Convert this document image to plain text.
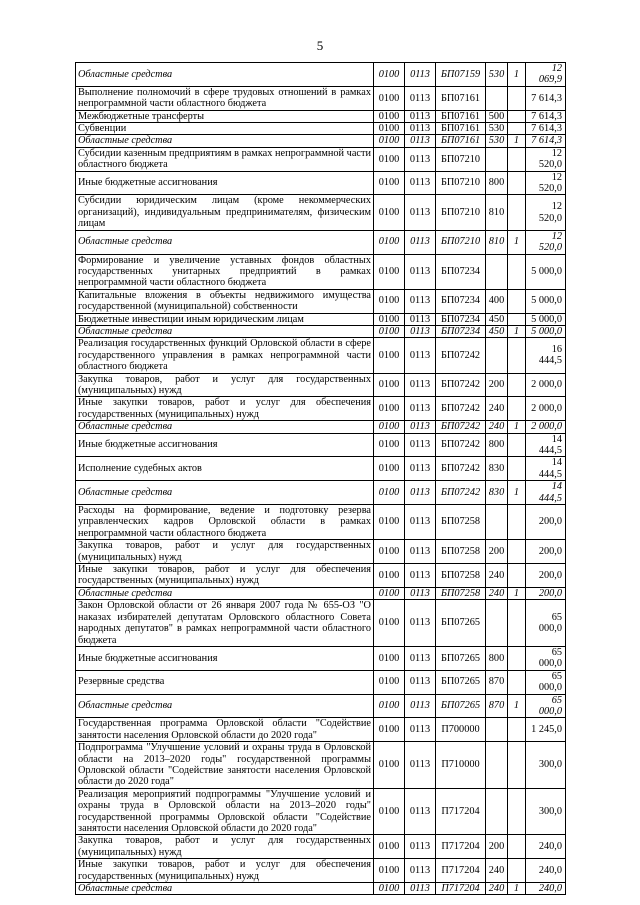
5
Областные средства	0100	0113	БП07159	530	1	12 069,9
Выполнение полномочий в сфере трудовых отношений в рамках непрограммной части областного бюджета	0100	0113	БП07161			7 614,3
Межбюджетные трансферты	0100	0113	БП07161	500		7 614,3
Субвенции	0100	0113	БП07161	530		7 614,3
Областные средства	0100	0113	БП07161	530	1	7 614,3
Субсидии казенным предприятиям в рамках непрограммной части областного бюджета	0100	0113	БП07210			12 520,0
Иные бюджетные ассигнования	0100	0113	БП07210	800		12 520,0
Субсидии юридическим лицам (кроме некоммерческих организаций), индивидуальным предпринимателям, физическим лицам	0100	0113	БП07210	810		12 520,0
Областные средства	0100	0113	БП07210	810	1	12 520,0
Формирование и увеличение уставных фондов областных государственных унитарных предприятий в рамках непрограммной части областного бюджета	0100	0113	БП07234			5 000,0
Капитальные вложения в объекты недвижимого имущества государственной (муниципальной) собственности	0100	0113	БП07234	400		5 000,0
Бюджетные инвестиции иным юридическим лицам	0100	0113	БП07234	450		5 000,0
Областные средства	0100	0113	БП07234	450	1	5 000,0
Реализация государственных функций Орловской области в сфере государственного управления в рамках непрограммной части областного бюджета	0100	0113	БП07242			16 444,5
Закупка товаров, работ и услуг для государственных (муниципальных) нужд	0100	0113	БП07242	200		2 000,0
Иные закупки товаров, работ и услуг для обеспечения государственных (муниципальных) нужд	0100	0113	БП07242	240		2 000,0
Областные средства	0100	0113	БП07242	240	1	2 000,0
Иные бюджетные ассигнования	0100	0113	БП07242	800		14 444,5
Исполнение судебных актов	0100	0113	БП07242	830		14 444,5
Областные средства	0100	0113	БП07242	830	1	14 444,5
Расходы на формирование, ведение и подготовку резерва управленческих кадров Орловской области в рамках непрограммной части областного бюджета	0100	0113	БП07258			200,0
Закупка товаров, работ и услуг для государственных (муниципальных) нужд	0100	0113	БП07258	200		200,0
Иные закупки товаров, работ и услуг для обеспечения государственных (муниципальных) нужд	0100	0113	БП07258	240		200,0
Областные средства	0100	0113	БП07258	240	1	200,0
Закон Орловской области от 26 января 2007 года № 655-ОЗ "О наказах избирателей депутатам Орловского областного Совета народных депутатов" в рамках непрограммной части областного бюджета	0100	0113	БП07265			65 000,0
Иные бюджетные ассигнования	0100	0113	БП07265	800		65 000,0
Резервные средства	0100	0113	БП07265	870		65 000,0
Областные средства	0100	0113	БП07265	870	1	65 000,0
Государственная программа Орловской области "Содействие занятости населения Орловской области до 2020 года"	0100	0113	П700000			1 245,0
Подпрограмма "Улучшение условий и охраны труда в Орловской области на 2013–2020 годы" государственной программы Орловской области "Содействие занятости населения Орловской области до 2020 года"	0100	0113	П710000			300,0
Реализация мероприятий подпрограммы "Улучшение условий и охраны труда в Орловской области на 2013–2020 годы" государственной программы Орловской области "Содействие занятости населения Орловской области до 2020 года"	0100	0113	П717204			300,0
Закупка товаров, работ и услуг для государственных (муниципальных) нужд	0100	0113	П717204	200		240,0
Иные закупки товаров, работ и услуг для обеспечения государственных (муниципальных) нужд	0100	0113	П717204	240		240,0
Областные средства	0100	0113	П717204	240	1	240,0
